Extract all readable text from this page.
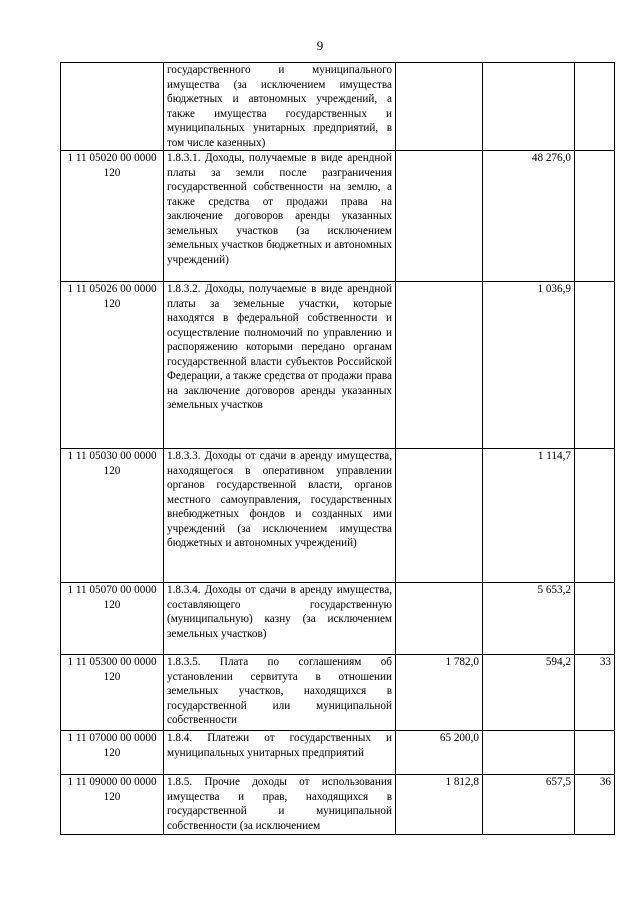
9
	государственного и муниципального имущества (за исключением имущества бюджетных и автономных учреждений, а также имущества государственных и муниципальных унитарных предприятий, в том числе казенных)			
1 11 05020 00 0000 120	1.8.3.1. Доходы, получаемые в виде арендной платы за земли после разграничения государственной собственности на землю, а также средства от продажи права на заключение договоров аренды указанных земельных участков (за исключением земельных участков бюджетных и автономных учреждений)		48 276,0	
1 11 05026 00 0000 120	1.8.3.2. Доходы, получаемые в виде арендной платы за земельные участки, которые находятся в федеральной собственности и осуществление полномочий по управлению и распоряжению которыми передано органам государственной власти субъектов Российской Федерации, а также средства от продажи права на заключение договоров аренды указанных земельных участков		1 036,9	
1 11 05030 00 0000 120	1.8.3.3. Доходы от сдачи в аренду имущества, находящегося в оперативном управлении органов государственной власти, органов местного самоуправления, государственных внебюджетных фондов и созданных ими учреждений (за исключением имущества бюджетных и автономных учреждений)		1 114,7	
1 11 05070 00 0000 120	1.8.3.4. Доходы от сдачи в аренду имущества, составляющего государственную (муниципальную) казну (за исключением земельных участков)		5 653,2	
1 11 05300 00 0000 120	1.8.3.5. Плата по соглашениям об установлении сервитута в отношении земельных участков, находящихся в государственной или муниципальной собственности	1 782,0	594,2	33
1 11 07000 00 0000 120	1.8.4. Платежи от государственных и муниципальных унитарных предприятий	65 200,0		
1 11 09000 00 0000 120	1.8.5. Прочие доходы от использования имущества и прав, находящихся в государственной и муниципальной собственности (за исключением	1 812,8	657,5	36
